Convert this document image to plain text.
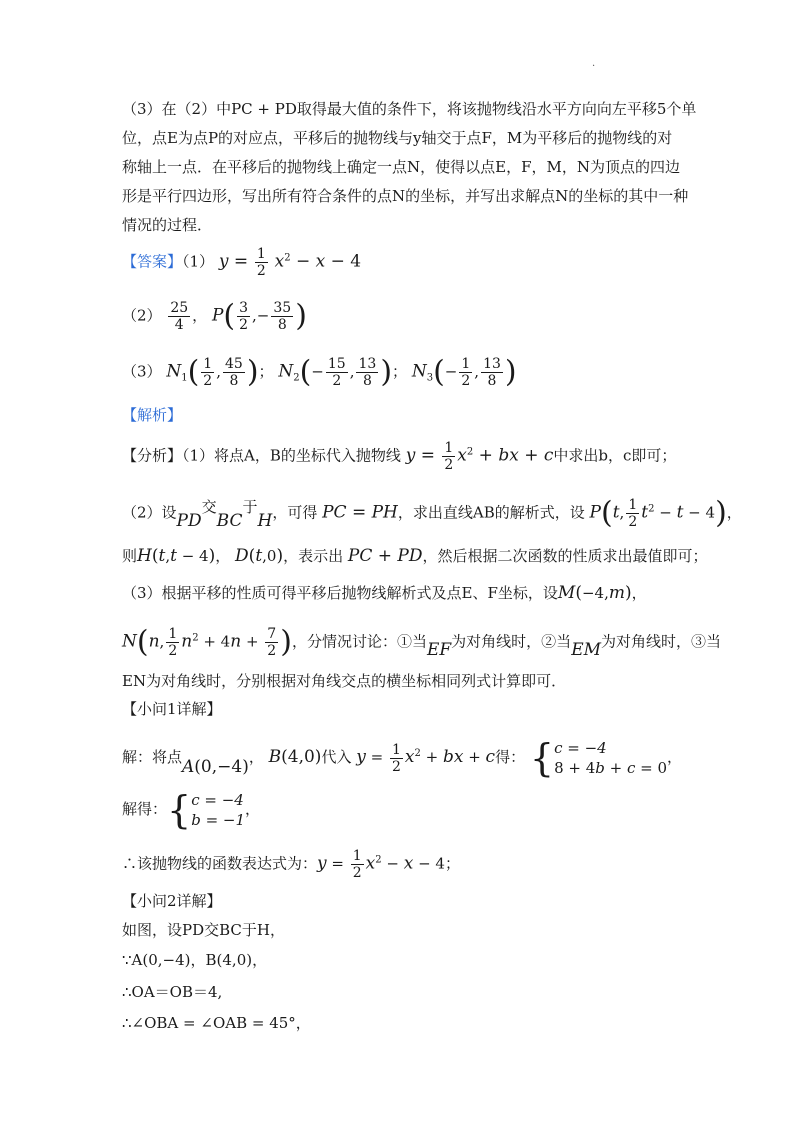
.
（3）在（2）中PC + PD取得最大值的条件下，将该抛物线沿水平方向向左平移5个单
位，点E为点P的对应点，平移后的抛物线与y轴交于点F，M为平移后的抛物线的对
称轴上一点．在平移后的抛物线上确定一点N，使得以点E，F，M，N为顶点的四边
形是平行四边形，写出所有符合条件的点N的坐标，并写出求解点N的坐标的其中一种
情况的过程．
【答案】（1） $y = \frac{1}{2} x^2 - x - 4$
$(2) \frac{25}{4}$ ， $P( \frac{3}{2}$ ,− $\frac{35}{8}$ )
（3） $N_1( \frac{1}{2}$ , $\frac{45}{8}$ )； $N_2(- \frac{15}{2}$ , $\frac{13}{8}$ )； $N_3(- \frac{1}{2}$ , $\frac{13}{8}$ )
【解析】
【分析】（1）将点A，B的坐标代入抛物线 $y = \frac{1}{2} x^2$ + bx + c中求出b，c即可；
（2）设PD交BC于H，可得 PC = PH，求出直线AB的解析式，设 P(t, $\frac{1}{2} t^2 - t - 4$)，
则H(t,t − 4)， D(t,0)，表示出 PC + PD，然后根据二次函数的性质求出最值即可；
（3）根据平移的性质可得平移后抛物线解析式及点E、F坐标，设M(−4,m)，
N(n, $\frac{1}{2} n^2 + 4n + \frac{7}{2}$ )，分情况讨论：①当EF为对角线时，②当EM为对角线时，③当
EN为对角线时，分别根据对角线交点的横坐标相同列式计算即可．
【小问1详解】
解：将点A(0,−4)， B(4,0)代入 $y = \frac{1}{2} x^2$ + bx + c得： { c = −4
8 + 4b + c = 0
，
解得：{ c = −4
b = −1
，
∴该抛物线的函数表达式为：$y = \frac{1}{2} x^2 - x - 4$；
【小问2详解】
如图，设PD交BC于H，
∵A(0,−4)，B(4,0)，
∴OA＝OB＝4,
∴∠OBA = ∠OAB = 45°，
